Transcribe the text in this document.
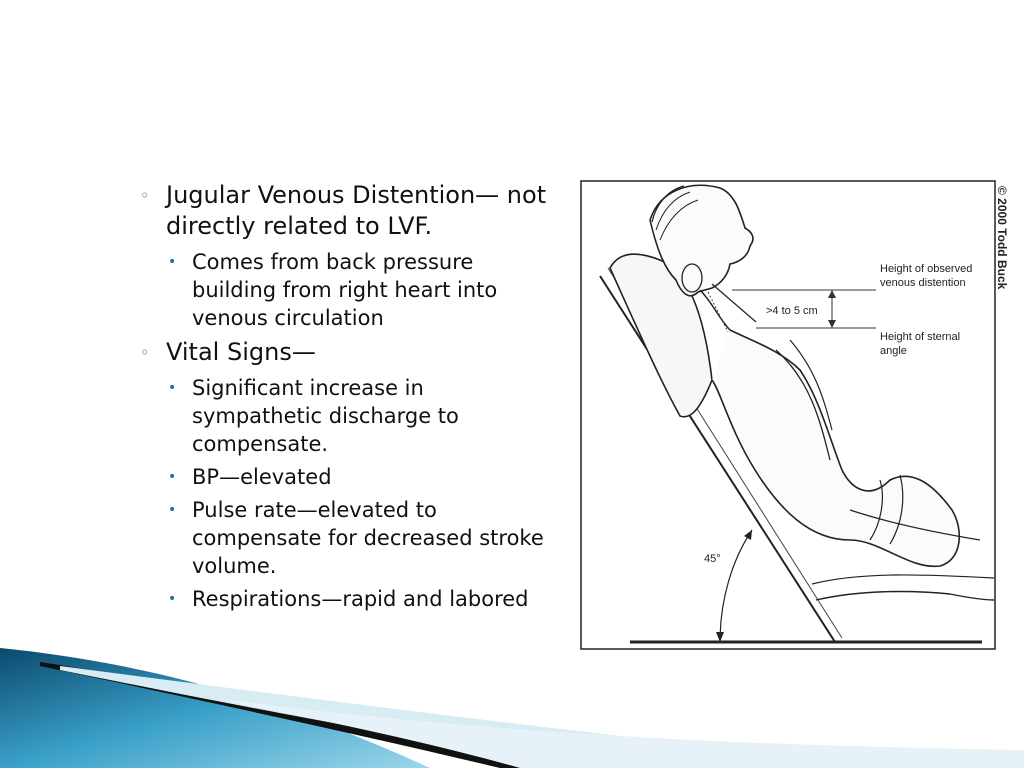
◦ Jugular Venous Distention— not directly related to LVF.
• Comes from back pressure building from right heart into venous circulation
◦ Vital Signs—
• Significant increase in sympathetic discharge to compensate.
• BP—elevated
• Pulse rate—elevated to compensate for decreased stroke volume.
• Respirations—rapid and labored
Height of observed
venous distention
Height of sternal
angle
>4 to 5 cm
45°
© 2000 Todd Buck
